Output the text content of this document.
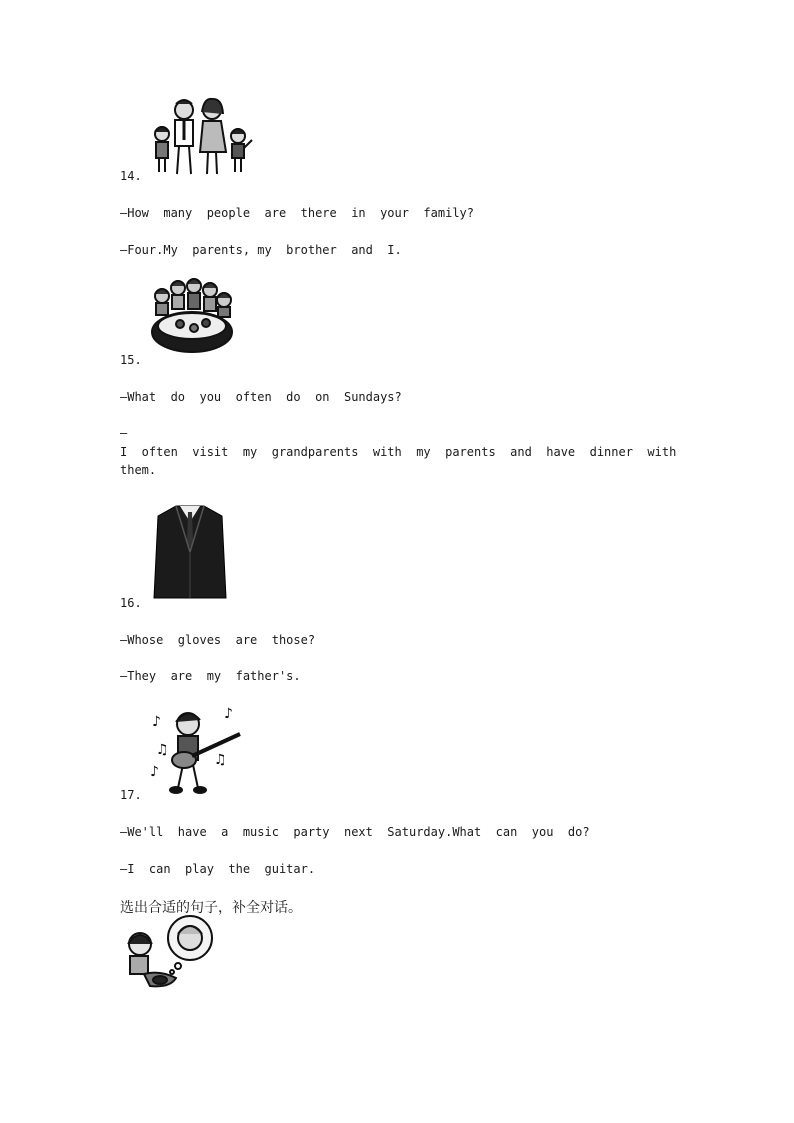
14.
—How  many  people  are  there  in  your  family?
—Four.My  parents, my  brother  and  I.
15.
—What  do  you  often  do  on  Sundays?
—
I  often  visit  my  grandparents  with  my  parents  and  have  dinner  with
them.
16.
—Whose  gloves  are  those?
—They  are  my  father's.
♪	♪
♫
♪
♫
17.
—We'll  have  a  music  party  next  Saturday.What  can  you  do?
—I  can  play  the  guitar.
选出合适的句子，补全对话。
